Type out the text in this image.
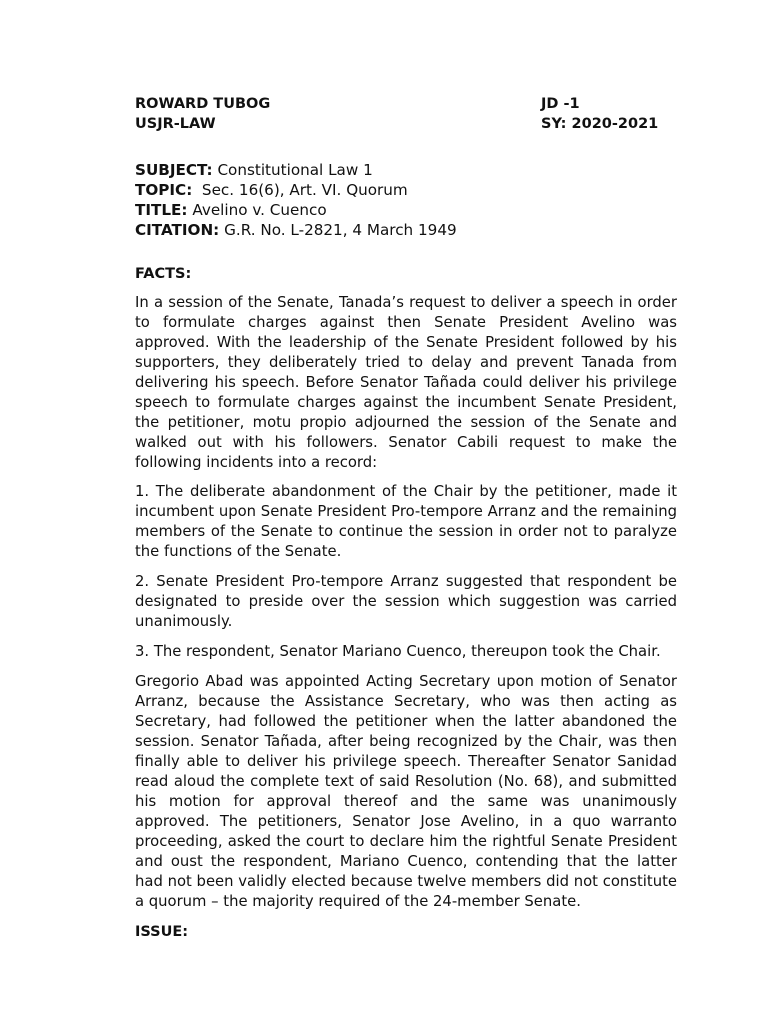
ROWARD TUBOG
USJR-LAW
JD -1
SY: 2020-2021
SUBJECT: Constitutional Law 1
TOPIC:  Sec. 16(6), Art. VI. Quorum
TITLE: Avelino v. Cuenco
CITATION: G.R. No. L-2821, 4 March 1949
FACTS:
In a session of the Senate, Tanada’s request to deliver a speech in order to formulate charges against then Senate President Avelino was approved. With the leadership of the Senate President followed by his supporters, they deliberately tried to delay and prevent Tanada from delivering his speech. Before Senator Tañada could deliver his privilege speech to formulate charges against the incumbent Senate President, the petitioner, motu propio adjourned the session of the Senate and walked out with his followers. Senator Cabili request to make the following incidents into a record:
1. The deliberate abandonment of the Chair by the petitioner, made it incumbent upon Senate President Pro-tempore Arranz and the remaining members of the Senate to continue the session in order not to paralyze the functions of the Senate.
2. Senate President Pro-tempore Arranz suggested that respondent be designated to preside over the session which suggestion was carried unanimously.
3. The respondent, Senator Mariano Cuenco, thereupon took the Chair.
Gregorio Abad was appointed Acting Secretary upon motion of Senator Arranz, because the Assistance Secretary, who was then acting as Secretary, had followed the petitioner when the latter abandoned the session. Senator Tañada, after being recognized by the Chair, was then finally able to deliver his privilege speech. Thereafter Senator Sanidad read aloud the complete text of said Resolution (No. 68), and submitted his motion for approval thereof and the same was unanimously approved. The petitioners, Senator Jose Avelino, in a quo warranto proceeding, asked the court to declare him the rightful Senate President and oust the respondent, Mariano Cuenco, contending that the latter had not been validly elected because twelve members did not constitute a quorum – the majority required of the 24-member Senate.
ISSUE:
